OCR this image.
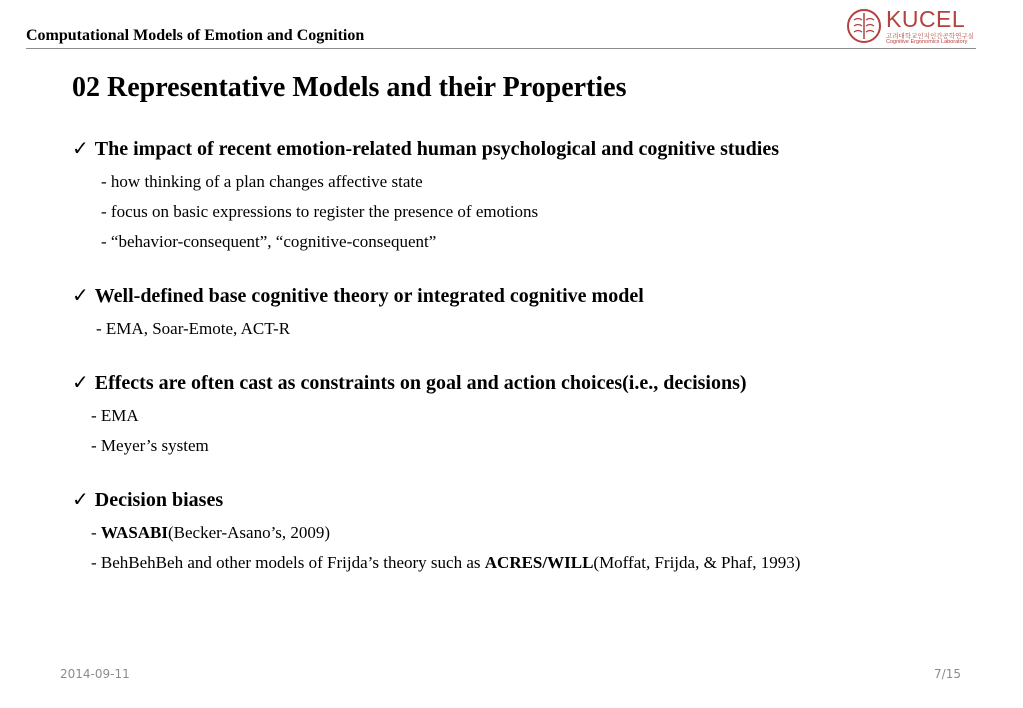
Computational Models of Emotion and Cognition
KUCEL
고려대학교인지인간공학연구실
Cognitive Ergonomics Laboratory
02 Representative Models and their Properties
✓ The impact of recent emotion-related human psychological and cognitive studies
- how thinking of a plan changes affective state
- focus on basic expressions to register the presence of emotions
- “behavior-consequent”, “cognitive-consequent”
✓ Well-defined base cognitive theory or integrated cognitive model
- EMA, Soar-Emote, ACT-R
✓ Effects are often cast as constraints on goal and action choices(i.e., decisions)
- EMA
- Meyer’s system
✓ Decision biases
- WASABI(Becker-Asano’s, 2009)
- BehBehBeh and other models of Frijda’s theory such as ACRES/WILL(Moffat, Frijda, & Phaf, 1993)
2014-09-11	7/15
